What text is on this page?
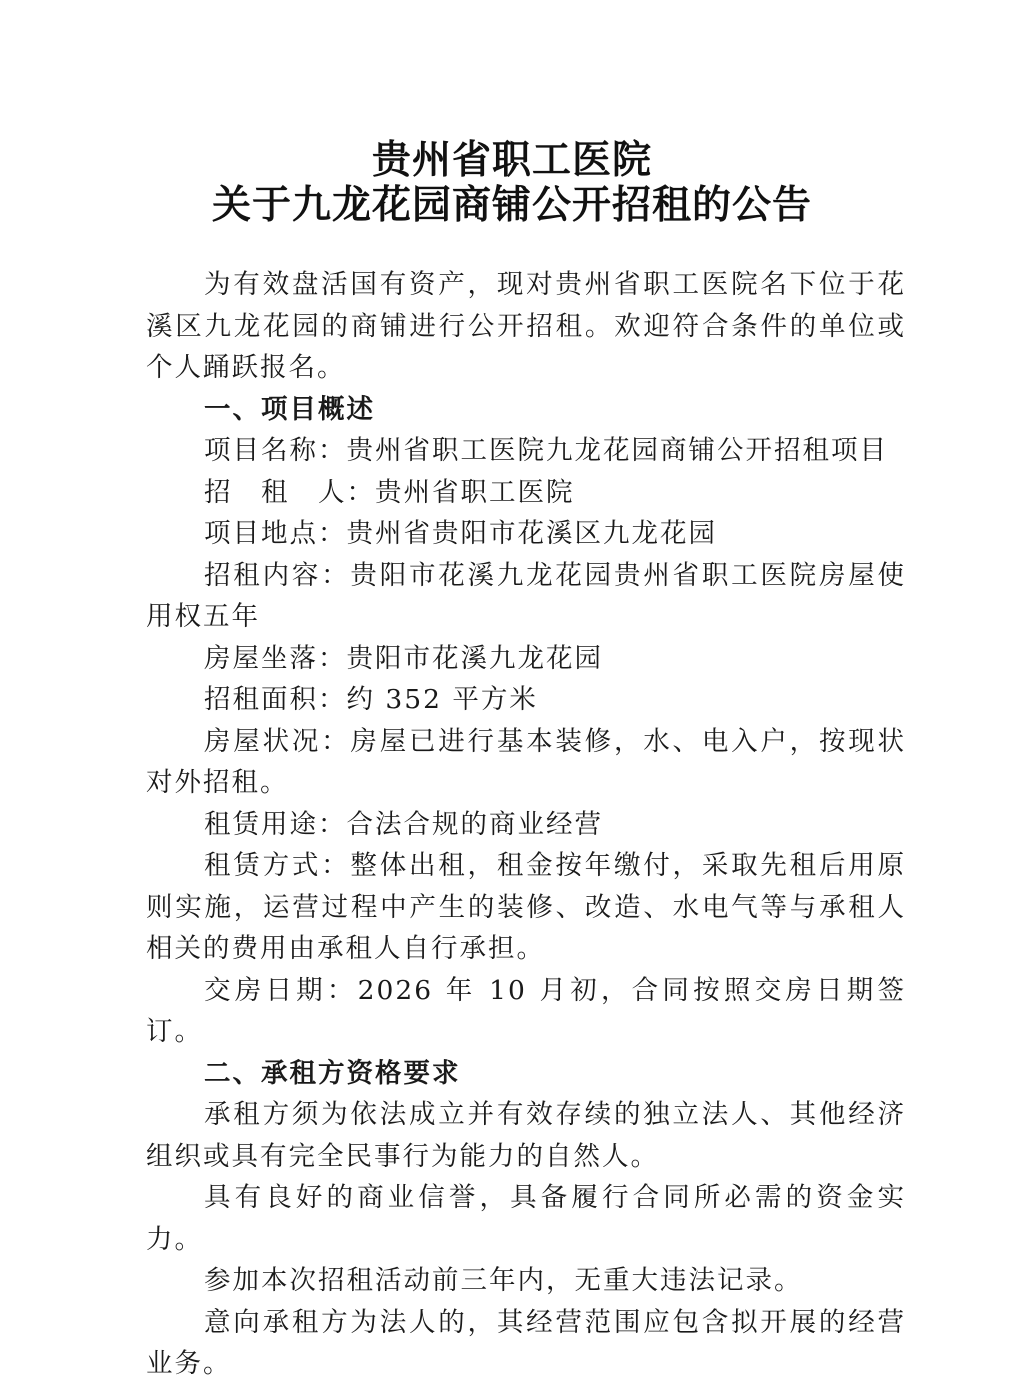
贵州省职工医院
关于九龙花园商铺公开招租的公告

为有效盘活国有资产，现对贵州省职工医院名下位于花溪区九龙花园的商铺进行公开招租。欢迎符合条件的单位或个人踊跃报名。

一、项目概述

项目名称：贵州省职工医院九龙花园商铺公开招租项目

招　租　人：贵州省职工医院

项目地点：贵州省贵阳市花溪区九龙花园

招租内容：贵阳市花溪九龙花园贵州省职工医院房屋使用权五年

房屋坐落：贵阳市花溪九龙花园

招租面积：约 352 平方米

房屋状况：房屋已进行基本装修，水、电入户，按现状对外招租。

租赁用途：合法合规的商业经营

租赁方式：整体出租，租金按年缴付，采取先租后用原则实施，运营过程中产生的装修、改造、水电气等与承租人相关的费用由承租人自行承担。

交房日期：2026 年 10 月初，合同按照交房日期签订。

二、承租方资格要求

承租方须为依法成立并有效存续的独立法人、其他经济组织或具有完全民事行为能力的自然人。

具有良好的商业信誉，具备履行合同所必需的资金实力。

参加本次招租活动前三年内，无重大违法记录。

意向承租方为法人的，其经营范围应包含拟开展的经营业务。
